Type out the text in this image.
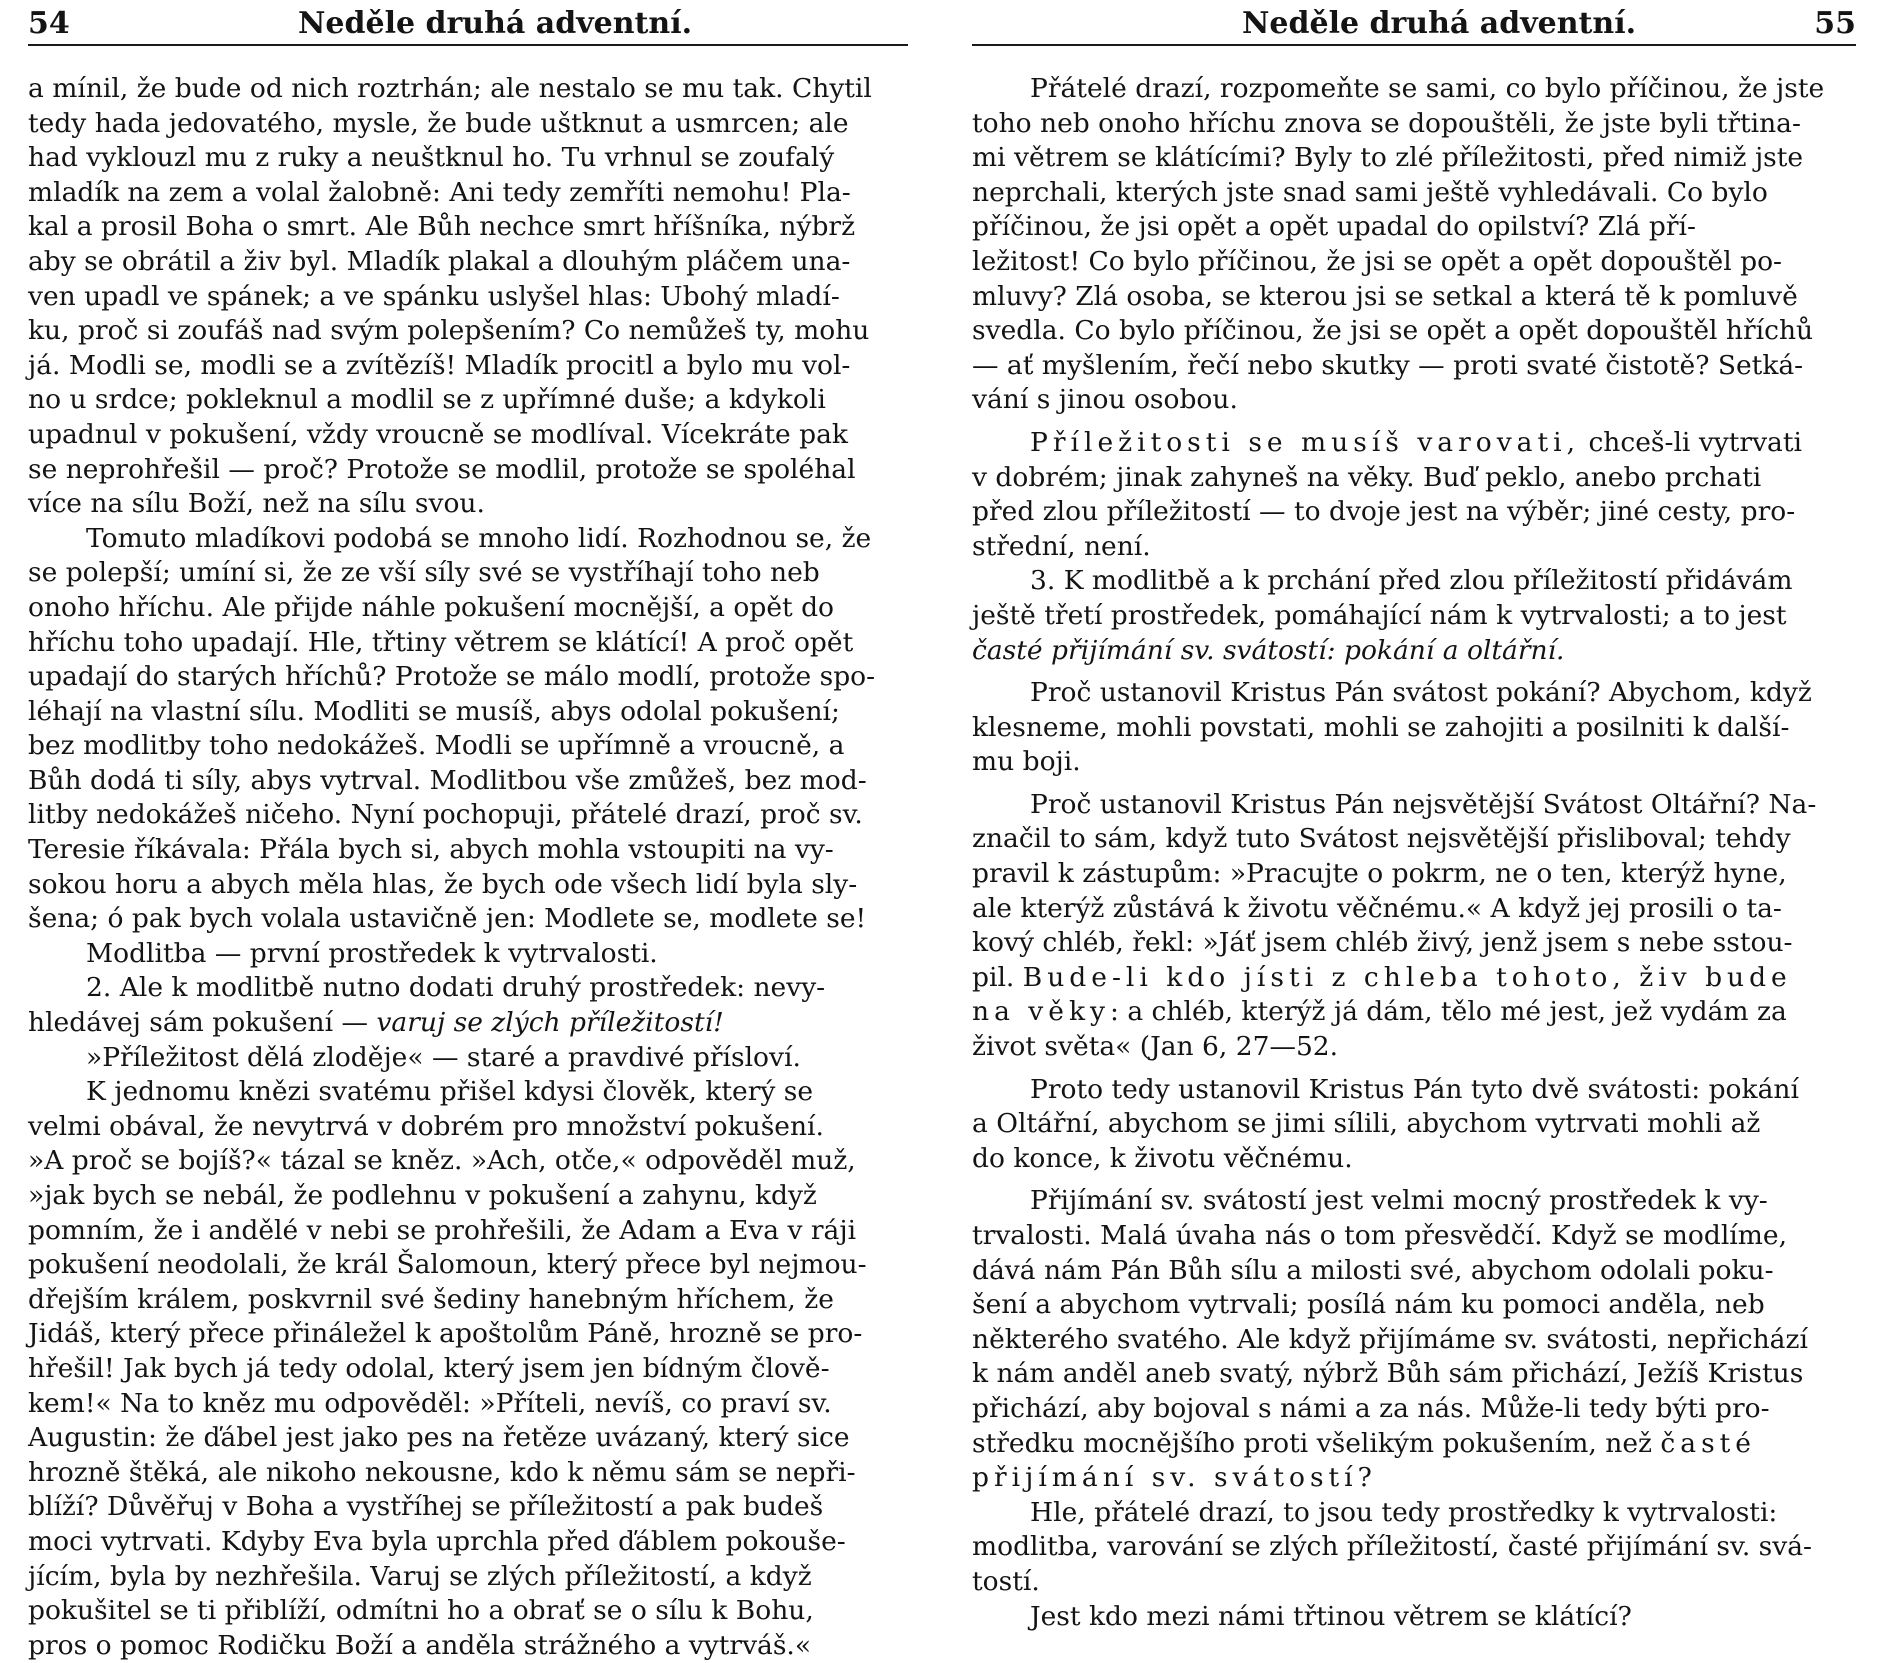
54	Neděle druhá adventní.
a mínil, že bude od nich roztrhán; ale nestalo se mu tak. Chytil
tedy hada jedovatého, mysle, že bude uštknut a usmrcen; ale
had vyklouzl mu z ruky a neuštknul ho. Tu vrhnul se zoufalý
mladík na zem a volal žalobně: Ani tedy zemříti nemohu! Pla-
kal a prosil Boha o smrt. Ale Bůh nechce smrt hříšníka, nýbrž
aby se obrátil a živ byl. Mladík plakal a dlouhým pláčem una-
ven upadl ve spánek; a ve spánku uslyšel hlas: Ubohý mladí-
ku, proč si zoufáš nad svým polepšením? Co nemůžeš ty, mohu
já. Modli se, modli se a zvítězíš! Mladík procitl a bylo mu vol-
no u srdce; pokleknul a modlil se z upřímné duše; a kdykoli
upadnul v pokušení, vždy vroucně se modlíval. Vícekráte pak
se neprohřešil — proč? Protože se modlil, protože se spoléhal
více na sílu Boží, než na sílu svou.
Tomuto mladíkovi podobá se mnoho lidí. Rozhodnou se, že
se polepší; umíní si, že ze vší síly své se vystříhají toho neb
onoho hříchu. Ale přijde náhle pokušení mocnější, a opět do
hříchu toho upadají. Hle, třtiny větrem se klátící! A proč opět
upadají do starých hříchů? Protože se málo modlí, protože spo-
léhají na vlastní sílu. Modliti se musíš, abys odolal pokušení;
bez modlitby toho nedokážeš. Modli se upřímně a vroucně, a
Bůh dodá ti síly, abys vytrval. Modlitbou vše zmůžeš, bez mod-
litby nedokážeš ničeho. Nyní pochopuji, přátelé drazí, proč sv.
Teresie říkávala: Přála bych si, abych mohla vstoupiti na vy-
sokou horu a abych měla hlas, že bych ode všech lidí byla sly-
šena; ó pak bych volala ustavičně jen: Modlete se, modlete se!
Modlitba — první prostředek k vytrvalosti.
2. Ale k modlitbě nutno dodati druhý prostředek: nevy-
hledávej sám pokušení — varuj se zlých příležitostí!
»Příležitost dělá zloděje« — staré a pravdivé přísloví.
K jednomu knězi svatému přišel kdysi člověk, který se
velmi obával, že nevytrvá v dobrém pro množství pokušení.
»A proč se bojíš?« tázal se kněz. »Ach, otče,« odpověděl muž,
»jak bych se nebál, že podlehnu v pokušení a zahynu, když
pomním, že i andělé v nebi se prohřešili, že Adam a Eva v ráji
pokušení neodolali, že král Šalomoun, který přece byl nejmou-
dřejším králem, poskvrnil své šediny hanebným hříchem, že
Jidáš, který přece přináležel k apoštolům Páně, hrozně se pro-
hřešil! Jak bych já tedy odolal, který jsem jen bídným člově-
kem!« Na to kněz mu odpověděl: »Příteli, nevíš, co praví sv.
Augustin: že ďábel jest jako pes na řetěze uvázaný, který sice
hrozně štěká, ale nikoho nekousne, kdo k němu sám se nepři-
blíží? Důvěřuj v Boha a vystříhej se příležitostí a pak budeš
moci vytrvati. Kdyby Eva byla uprchla před ďáblem pokouše-
jícím, byla by nezhřešila. Varuj se zlých příležitostí, a když
pokušitel se ti přiblíží, odmítni ho a obrať se o sílu k Bohu,
pros o pomoc Rodičku Boží a anděla strážného a vytrváš.«
Neděle druhá adventní.	55
Přátelé drazí, rozpomeňte se sami, co bylo příčinou, že jste
toho neb onoho hříchu znova se dopouštěli, že jste byli třtina-
mi větrem se klátícími? Byly to zlé příležitosti, před nimiž jste
neprchali, kterých jste snad sami ještě vyhledávali. Co bylo
příčinou, že jsi opět a opět upadal do opilství? Zlá pří-
ležitost! Co bylo příčinou, že jsi se opět a opět dopouštěl po-
mluvy? Zlá osoba, se kterou jsi se setkal a která tě k pomluvě
svedla. Co bylo příčinou, že jsi se opět a opět dopouštěl hříchů
— ať myšlením, řečí nebo skutky — proti svaté čistotě? Setká-
vání s jinou osobou.
Příležitosti se musíš varovati, chceš-li vytrvati
v dobrém; jinak zahyneš na věky. Buď peklo, anebo prchati
před zlou příležitostí — to dvoje jest na výběr; jiné cesty, pro-
střední, není.
3. K modlitbě a k prchání před zlou příležitostí přidávám
ještě třetí prostředek, pomáhající nám k vytrvalosti; a to jest
časté přijímání sv. svátostí: pokání a oltářní.
Proč ustanovil Kristus Pán svátost pokání? Abychom, když
klesneme, mohli povstati, mohli se zahojiti a posilniti k další-
mu boji.
Proč ustanovil Kristus Pán nejsvětější Svátost Oltářní? Na-
značil to sám, když tuto Svátost nejsvětější přisliboval; tehdy
pravil k zástupům: »Pracujte o pokrm, ne o ten, kterýž hyne,
ale kterýž zůstává k životu věčnému.« A když jej prosili o ta-
kový chléb, řekl: »Jáť jsem chléb živý, jenž jsem s nebe sstou-
pil. Bude-li kdo jísti z chleba tohoto, živ bude
na věky: a chléb, kterýž já dám, tělo mé jest, jež vydám za
život světa« (Jan 6, 27—52.
Proto tedy ustanovil Kristus Pán tyto dvě svátosti: pokání
a Oltářní, abychom se jimi sílili, abychom vytrvati mohli až
do konce, k životu věčnému.
Přijímání sv. svátostí jest velmi mocný prostředek k vy-
trvalosti. Malá úvaha nás o tom přesvědčí. Když se modlíme,
dává nám Pán Bůh sílu a milosti své, abychom odolali poku-
šení a abychom vytrvali; posílá nám ku pomoci anděla, neb
některého svatého. Ale když přijímáme sv. svátosti, nepřichází
k nám anděl aneb svatý, nýbrž Bůh sám přichází, Ježíš Kristus
přichází, aby bojoval s námi a za nás. Může-li tedy býti pro-
středku mocnějšího proti všelikým pokušením, než časté
přijímání sv. svátostí?
Hle, přátelé drazí, to jsou tedy prostředky k vytrvalosti:
modlitba, varování se zlých příležitostí, časté přijímání sv. svá-
tostí.
Jest kdo mezi námi třtinou větrem se klátící?
